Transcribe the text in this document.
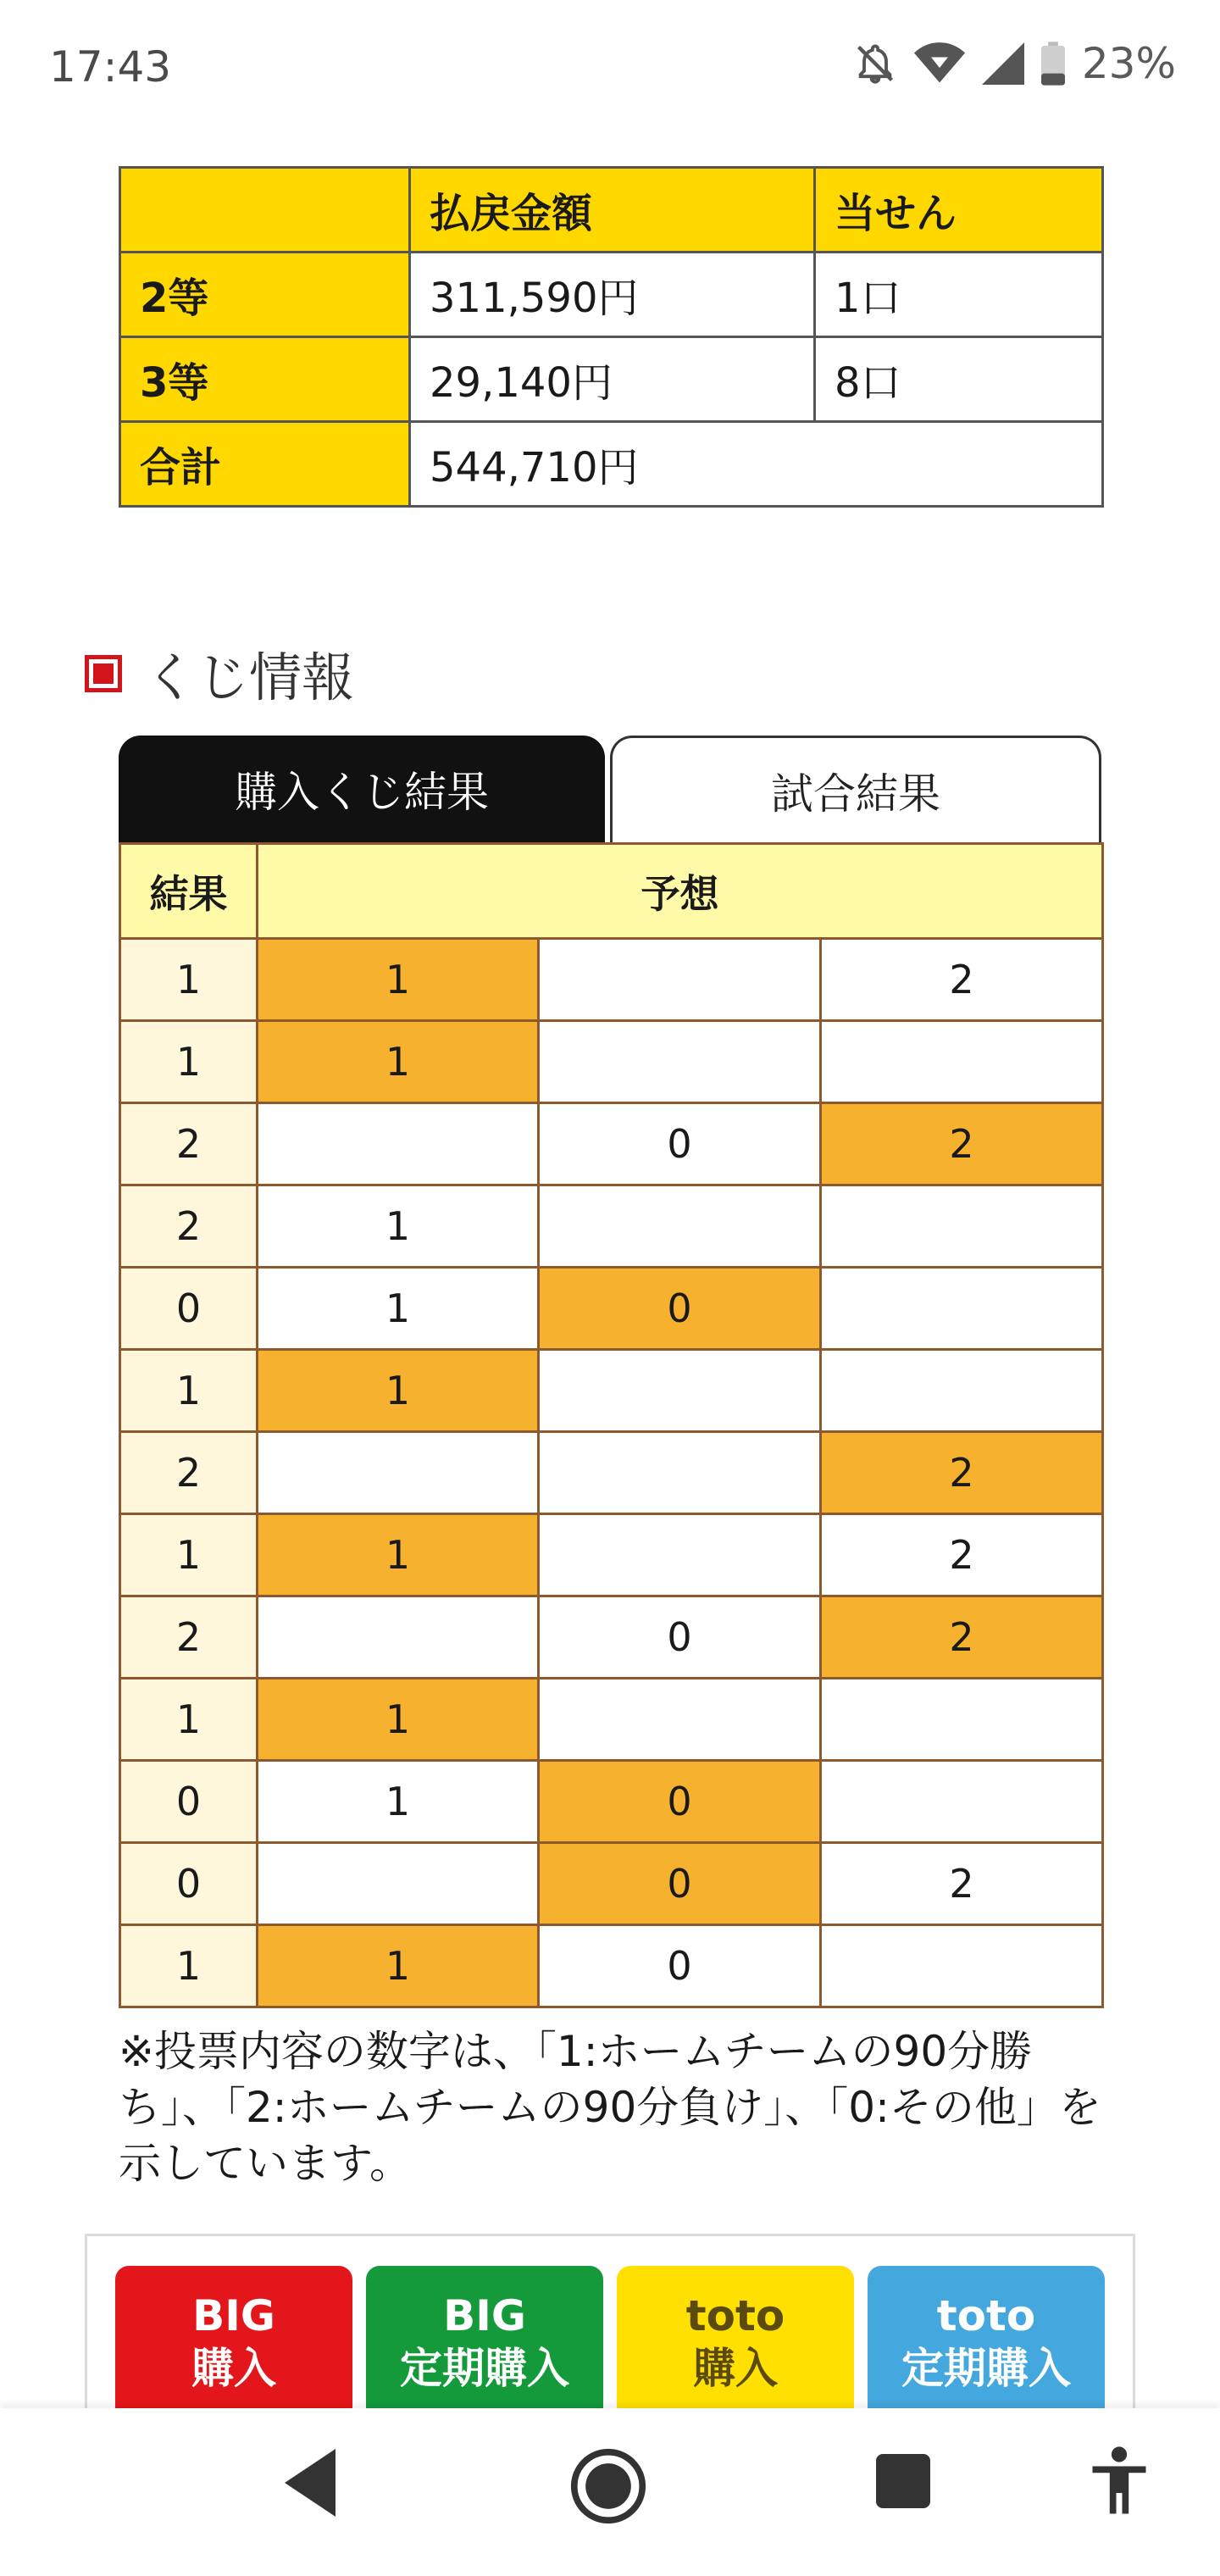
17:43	23%
	払戻金額	当せん
2等	311,590円	1口
3等	29,140円	8口
合計	544,710円	
くじ情報
購入くじ結果	試合結果
結果	予想		
1	1		2
1	1		
2		0	2
2	1		
0	1	0	
1	1		
2			2
1	1		2
2		0	2
1	1		
0	1	0	
0		0	2
1	1	0	
※投票内容の数字は、「1:ホームチームの90分勝ち」、「2:ホームチームの90分負け」、「0:その他」を示しています。
BIG
購入
BIG
定期購入
toto
購入
toto
定期購入
